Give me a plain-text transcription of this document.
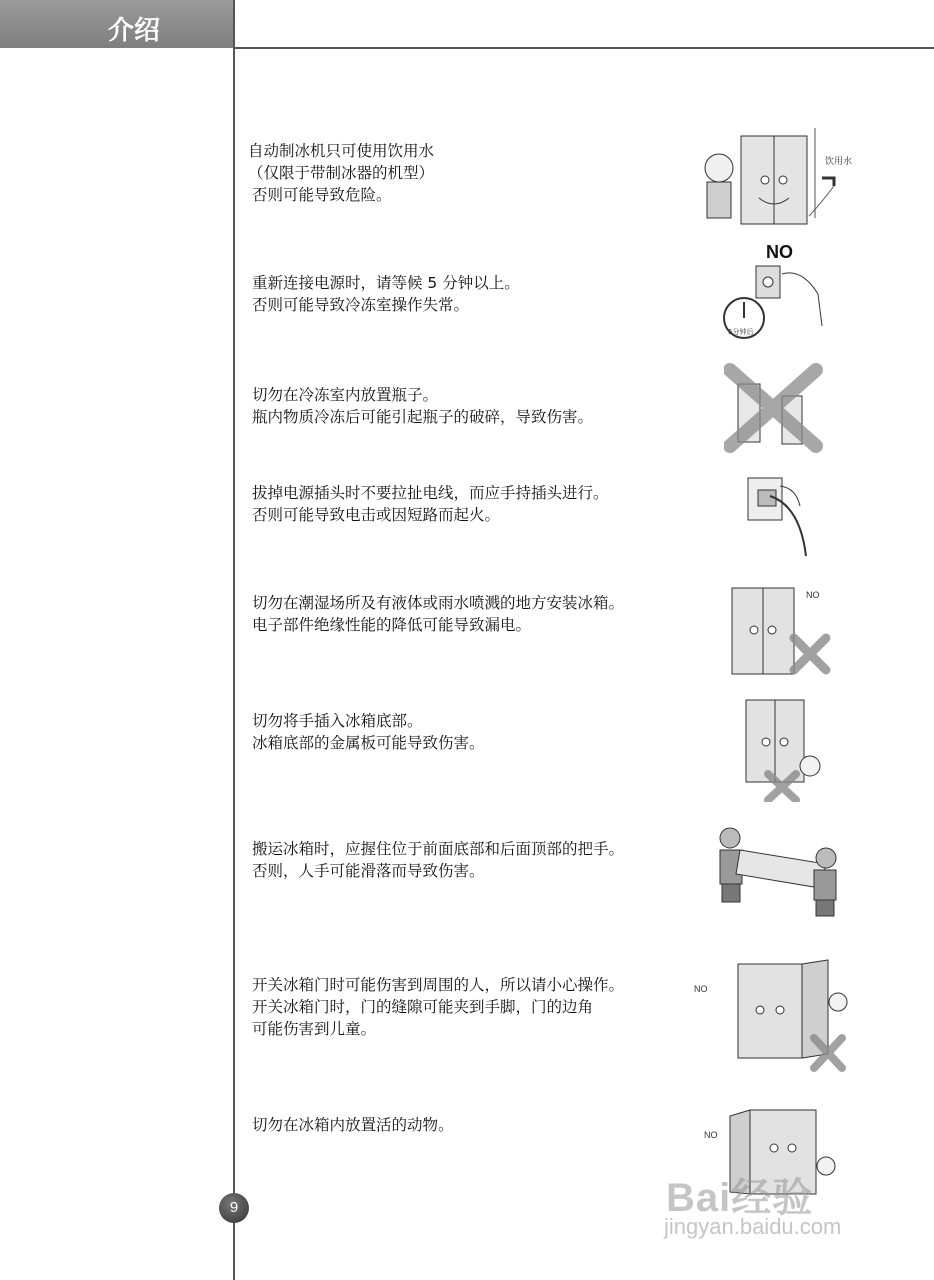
介绍
自动制冰机只可使用饮用水
（仅限于带制冰器的机型）
否则可能导致危险。
饮用水
重新连接电源时，请等候 5 分钟以上。
否则可能导致冷冻室操作失常。
NO
5分钟后
切勿在冷冻室内放置瓶子。
瓶内物质冷冻后可能引起瓶子的破碎，导致伤害。
拔掉电源插头时不要拉扯电线，而应手持插头进行。
否则可能导致电击或因短路而起火。
切勿在潮湿场所及有液体或雨水喷溅的地方安装冰箱。
电子部件绝缘性能的降低可能导致漏电。
NO
切勿将手插入冰箱底部。
冰箱底部的金属板可能导致伤害。
搬运冰箱时，应握住位于前面底部和后面顶部的把手。
否则，人手可能滑落而导致伤害。
开关冰箱门时可能伤害到周围的人，所以请小心操作。
开关冰箱门时，门的缝隙可能夹到手脚，门的边角
可能伤害到儿童。
NO
切勿在冰箱内放置活的动物。
NO
9	Bai经验
jingyan.baidu.com
